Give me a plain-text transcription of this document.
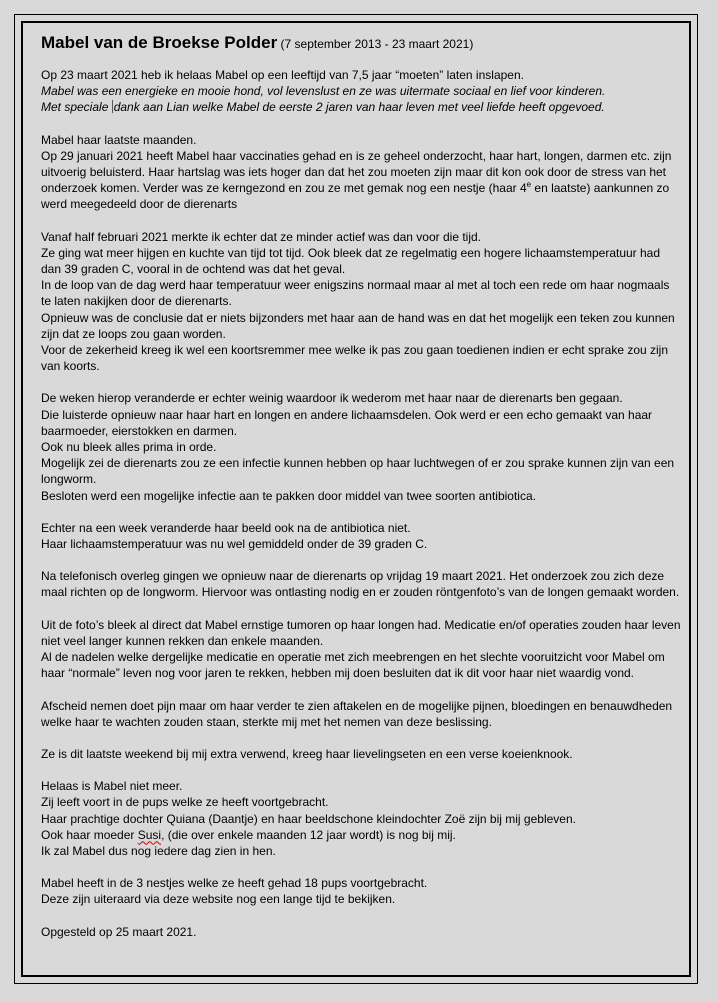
Mabel van de Broekse Polder (7 september 2013 - 23 maart 2021)

Op 23 maart 2021 heb ik helaas Mabel op een leeftijd van 7,5 jaar “moeten” laten inslapen.
Mabel was een energieke en mooie hond, vol levenslust en ze was uitermate sociaal en lief voor kinderen.
Met speciale dank aan Lian welke Mabel de eerste 2 jaren van haar leven met veel liefde heeft opgevoed.

Mabel haar laatste maanden.
Op 29 januari 2021 heeft Mabel haar vaccinaties gehad en is ze geheel onderzocht, haar hart, longen, darmen etc. zijn uitvoerig beluisterd. Haar hartslag was iets hoger dan dat het zou moeten zijn maar dit kon ook door de stress van het onderzoek komen. Verder was ze kerngezond en zou ze met gemak nog een nestje (haar 4e en laatste) aankunnen zo werd meegedeeld door de dierenarts

Vanaf half februari 2021 merkte ik echter dat ze minder actief was dan voor die tijd.
Ze ging wat meer hijgen en kuchte van tijd tot tijd. Ook bleek dat ze regelmatig een hogere lichaamstemperatuur had dan 39 graden C, vooral in de ochtend was dat het geval.
In de loop van de dag werd haar temperatuur weer enigszins normaal maar al met al toch een rede om haar nogmaals te laten nakijken door de dierenarts.
Opnieuw was de conclusie dat er niets bijzonders met haar aan de hand was en dat het mogelijk een teken zou kunnen zijn dat ze loops zou gaan worden.
Voor de zekerheid kreeg ik wel een koortsremmer mee welke ik pas zou gaan toedienen indien er echt sprake zou zijn van koorts.

De weken hierop veranderde er echter weinig waardoor ik wederom met haar naar de dierenarts ben gegaan.
Die luisterde opnieuw naar haar hart en longen en andere lichaamsdelen. Ook werd er een echo gemaakt van haar baarmoeder, eierstokken en darmen.
Ook nu bleek alles prima in orde.
Mogelijk zei de dierenarts zou ze een infectie kunnen hebben op haar luchtwegen of er zou sprake kunnen zijn van een longworm.
Besloten werd een mogelijke infectie aan te pakken door middel van twee soorten antibiotica.

Echter na een week veranderde haar beeld ook na de antibiotica niet.
Haar lichaamstemperatuur was nu wel gemiddeld onder de 39 graden C.

Na telefonisch overleg gingen we opnieuw naar de dierenarts op vrijdag 19 maart 2021. Het onderzoek zou zich deze maal richten op de longworm. Hiervoor was ontlasting nodig en er zouden röntgenfoto’s van de longen gemaakt worden.

Uit de foto’s bleek al direct dat Mabel ernstige tumoren op haar longen had. Medicatie en/of operaties zouden haar leven niet veel langer kunnen rekken dan enkele maanden.
Al de nadelen welke dergelijke medicatie en operatie met zich meebrengen en het slechte vooruitzicht voor Mabel om haar “normale” leven nog voor jaren te rekken, hebben mij doen besluiten dat ik dit voor haar niet waardig vond.

Afscheid nemen doet pijn maar om haar verder te zien aftakelen en de mogelijke pijnen, bloedingen en benauwdheden welke haar te wachten zouden staan, sterkte mij met het nemen van deze beslissing.

Ze is dit laatste weekend bij mij extra verwend, kreeg haar lievelingseten en een verse koeienknook.

Helaas is Mabel niet meer.
Zij leeft voort in de pups welke ze heeft voortgebracht.
Haar prachtige dochter Quiana (Daantje) en haar beeldschone kleindochter Zoë zijn bij mij gebleven.
Ook haar moeder Susi, (die over enkele maanden 12 jaar wordt) is nog bij mij.
Ik zal Mabel dus nog iedere dag zien in hen.

Mabel heeft in de 3 nestjes welke ze heeft gehad 18 pups voortgebracht.
Deze zijn uiteraard via deze website nog een lange tijd te bekijken.

Opgesteld op 25 maart 2021.
